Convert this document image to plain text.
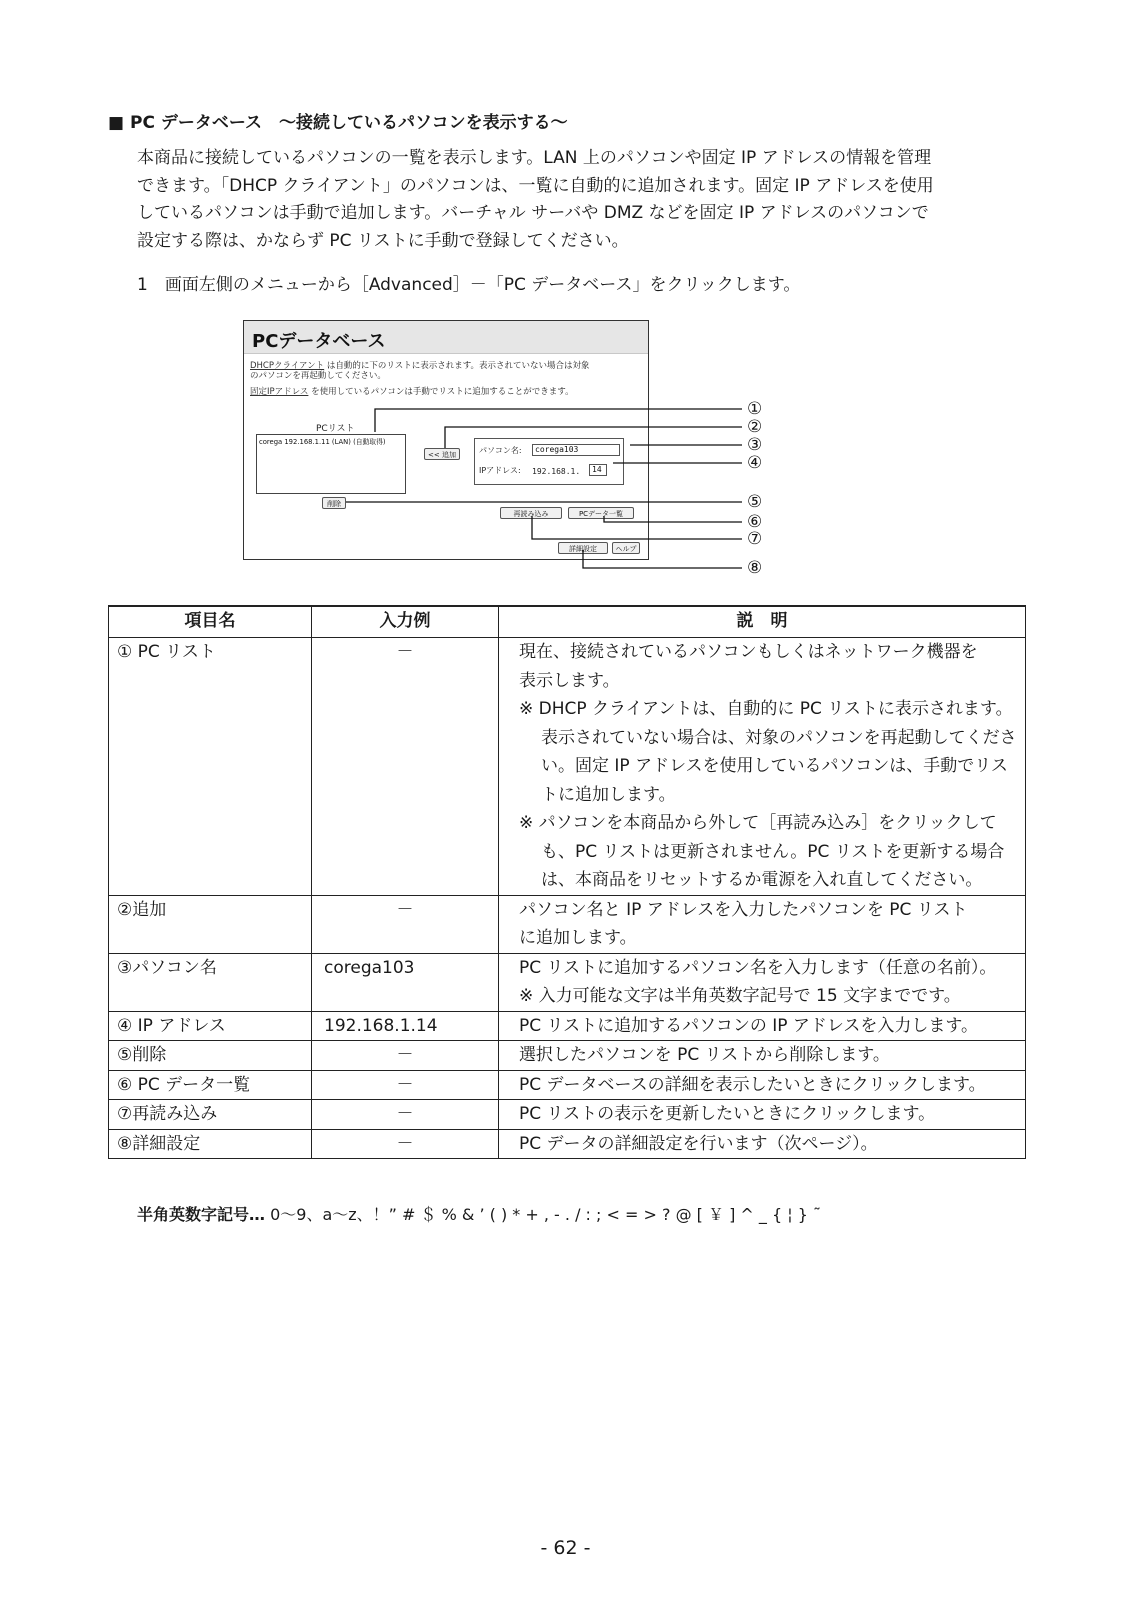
■ PC データベース　～接続しているパソコンを表示する～

本商品に接続しているパソコンの一覧を表示します。LAN 上のパソコンや固定 IP アドレスの情報を管理

できます。「DHCP クライアント」のパソコンは、一覧に自動的に追加されます。固定 IP アドレスを使用

しているパソコンは手動で追加します。バーチャル サーバや DMZ などを固定 IP アドレスのパソコンで

設定する際は、かならず PC リストに手動で登録してください。

1　画面左側のメニューから［Advanced］－「PC データベース」をクリックします。
PCデータベース
DHCPクライアント は自動的に下のリストに表示されます。表示されていない場合は対象
のパソコンを再起動してください。
固定IPアドレス を使用しているパソコンは手動でリストに追加することができます。
PCリスト
corega 192.168.1.11 (LAN) (自動取得)
<< 追加	パソコン名:
corega103
IPアドレス: 192.168.1.
14
削除
再読み込み	PCデータ一覧
詳細設定	ヘルプ
①
②
③
④
⑤
⑥
⑦
⑧
項目名	入力例	説　明
① PC リスト	－	現在、接続されているパソコンもしくはネットワーク機器を
表示します。
※ DHCP クライアントは、自動的に PC リストに表示されます。表示されていない場合は、対象のパソコンを再起動してください。固定 IP アドレスを使用しているパソコンは、手動でリストに追加します。
※ パソコンを本商品から外して［再読み込み］をクリックしても、PC リストは更新されません。PC リストを更新する場合は、本商品をリセットするか電源を入れ直してください。

②追加	－	パソコン名と IP アドレスを入力したパソコンを PC リスト
に追加します。

③パソコン名	corega103	PC リストに追加するパソコン名を入力します（任意の名前）。
※ 入力可能な文字は半角英数字記号で 15 文字までです。

④ IP アドレス	192.168.1.14	PC リストに追加するパソコンの IP アドレスを入力します。

⑤削除	－	選択したパソコンを PC リストから削除します。

⑥ PC データ一覧	－	PC データベースの詳細を表示したいときにクリックします。

⑦再読み込み	－	PC リストの表示を更新したいときにクリックします。

⑧詳細設定	－	PC データの詳細設定を行います（次ページ）。
半角英数字記号… 0～9、a～z、！” # ＄ % & ’ ( ) * + , - . / : ; < = > ? @ [ ￥ ] ^ _ { ¦ } ˜
- 62 -
